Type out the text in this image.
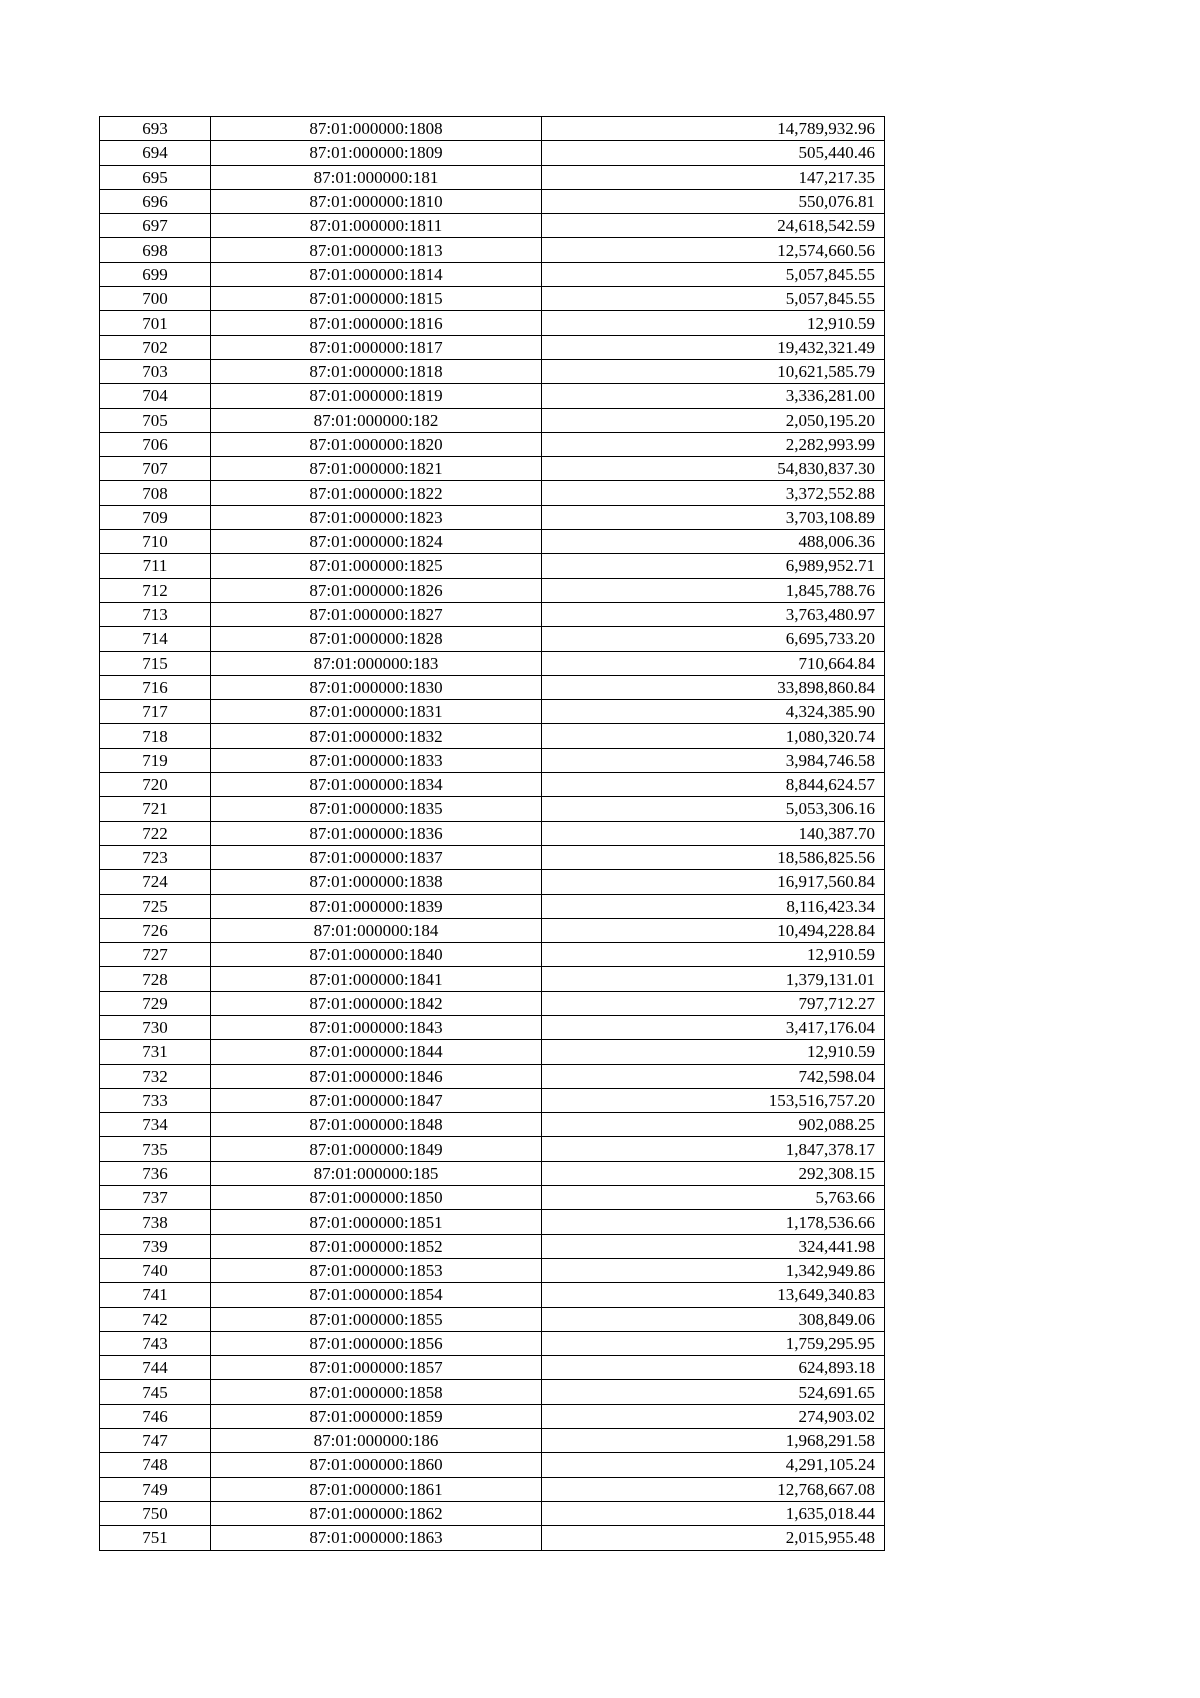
693	87:01:000000:1808	14,789,932.96
694	87:01:000000:1809	505,440.46
695	87:01:000000:181	147,217.35
696	87:01:000000:1810	550,076.81
697	87:01:000000:1811	24,618,542.59
698	87:01:000000:1813	12,574,660.56
699	87:01:000000:1814	5,057,845.55
700	87:01:000000:1815	5,057,845.55
701	87:01:000000:1816	12,910.59
702	87:01:000000:1817	19,432,321.49
703	87:01:000000:1818	10,621,585.79
704	87:01:000000:1819	3,336,281.00
705	87:01:000000:182	2,050,195.20
706	87:01:000000:1820	2,282,993.99
707	87:01:000000:1821	54,830,837.30
708	87:01:000000:1822	3,372,552.88
709	87:01:000000:1823	3,703,108.89
710	87:01:000000:1824	488,006.36
711	87:01:000000:1825	6,989,952.71
712	87:01:000000:1826	1,845,788.76
713	87:01:000000:1827	3,763,480.97
714	87:01:000000:1828	6,695,733.20
715	87:01:000000:183	710,664.84
716	87:01:000000:1830	33,898,860.84
717	87:01:000000:1831	4,324,385.90
718	87:01:000000:1832	1,080,320.74
719	87:01:000000:1833	3,984,746.58
720	87:01:000000:1834	8,844,624.57
721	87:01:000000:1835	5,053,306.16
722	87:01:000000:1836	140,387.70
723	87:01:000000:1837	18,586,825.56
724	87:01:000000:1838	16,917,560.84
725	87:01:000000:1839	8,116,423.34
726	87:01:000000:184	10,494,228.84
727	87:01:000000:1840	12,910.59
728	87:01:000000:1841	1,379,131.01
729	87:01:000000:1842	797,712.27
730	87:01:000000:1843	3,417,176.04
731	87:01:000000:1844	12,910.59
732	87:01:000000:1846	742,598.04
733	87:01:000000:1847	153,516,757.20
734	87:01:000000:1848	902,088.25
735	87:01:000000:1849	1,847,378.17
736	87:01:000000:185	292,308.15
737	87:01:000000:1850	5,763.66
738	87:01:000000:1851	1,178,536.66
739	87:01:000000:1852	324,441.98
740	87:01:000000:1853	1,342,949.86
741	87:01:000000:1854	13,649,340.83
742	87:01:000000:1855	308,849.06
743	87:01:000000:1856	1,759,295.95
744	87:01:000000:1857	624,893.18
745	87:01:000000:1858	524,691.65
746	87:01:000000:1859	274,903.02
747	87:01:000000:186	1,968,291.58
748	87:01:000000:1860	4,291,105.24
749	87:01:000000:1861	12,768,667.08
750	87:01:000000:1862	1,635,018.44
751	87:01:000000:1863	2,015,955.48
